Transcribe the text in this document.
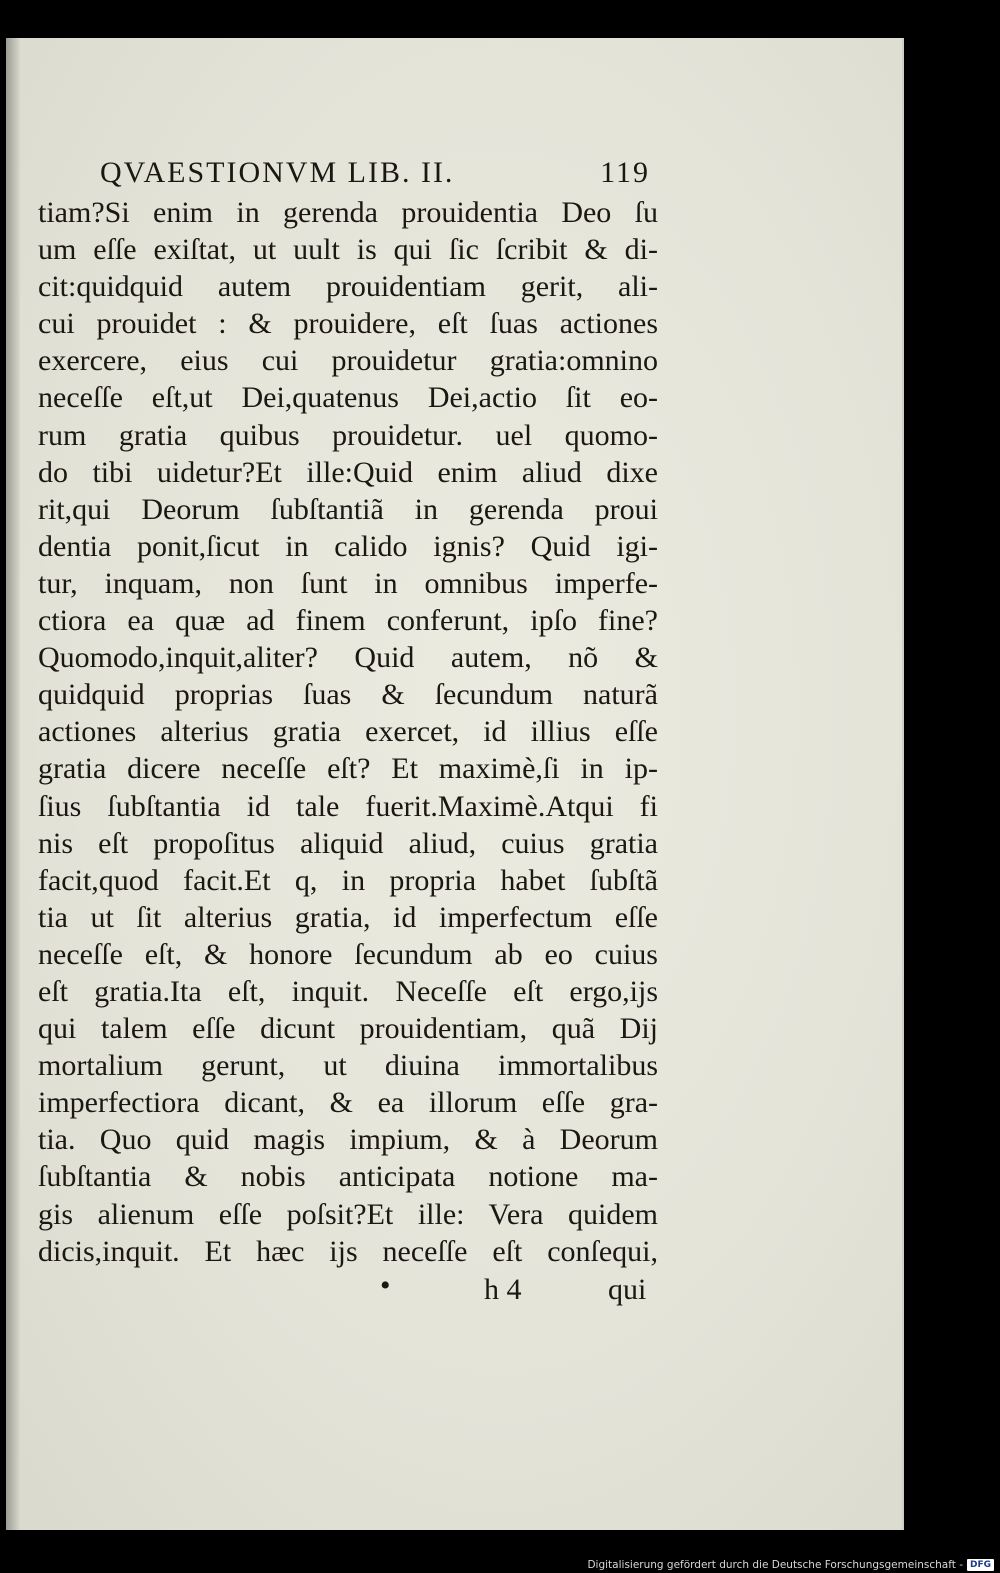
QVAESTIONVM LIB. II.	119
tiam?Si enim in gerenda prouidentia Deo ſu
um eſſe exiſtat, ut uult is qui ſic ſcribit & di-
cit:quidquid autem prouidentiam gerit, ali-
cui prouidet : & prouidere, eſt ſuas actiones
exercere, eius cui prouidetur gratia:omnino
neceſſe eſt,ut Dei,quatenus Dei,actio ſit eo-
rum gratia quibus prouidetur. uel quomo-
do tibi uidetur?Et ille:Quid enim aliud dixe
rit,qui Deorum ſubſtantiã in gerenda proui
dentia ponit,ſicut in calido ignis? Quid igi-
tur, inquam, non ſunt in omnibus imperfe-
ctiora ea quæ ad finem conferunt, ipſo fine?
Quomodo,inquit,aliter? Quid autem, nõ &
quidquid proprias ſuas & ſecundum naturã
actiones alterius gratia exercet, id illius eſſe
gratia dicere neceſſe eſt? Et maximè,ſi in ip-
ſius ſubſtantia id tale fuerit.Maximè.Atqui fi
nis eſt propoſitus aliquid aliud, cuius gratia
facit,quod facit.Et q, in propria habet ſubſtã
tia ut ſit alterius gratia, id imperfectum eſſe
neceſſe eſt, & honore ſecundum ab eo cuius
eſt gratia.Ita eſt, inquit. Neceſſe eſt ergo,ijs
qui talem eſſe dicunt prouidentiam, quã Dij
mortalium gerunt, ut diuina immortalibus
imperfectiora dicant, & ea illorum eſſe gra-
tia. Quo quid magis impium, & à Deorum
ſubſtantia & nobis anticipata notione ma-
gis alienum eſſe poſsit?Et ille: Vera quidem
dicis,inquit. Et hæc ijs neceſſe eſt conſequi,
•	h 4	qui
Digitalisierung gefördert durch die Deutsche Forschungsgemeinschaft - DFG
